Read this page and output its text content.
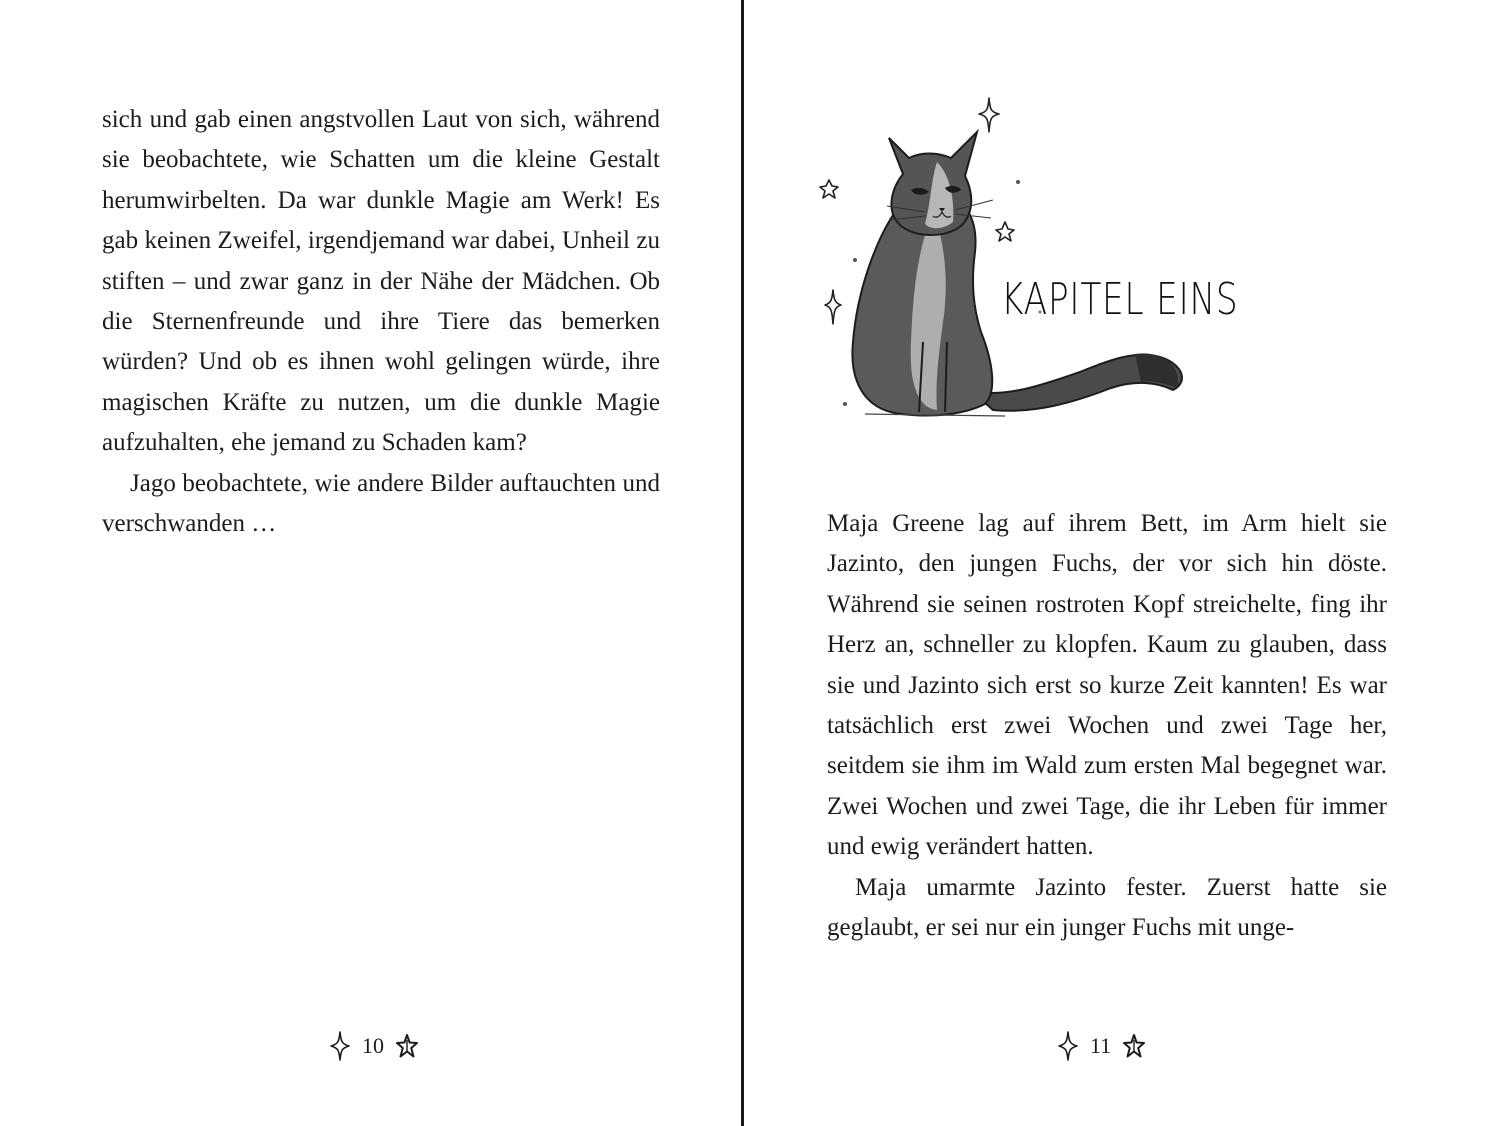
sich und gab einen angstvollen Laut von sich, während sie beobachtete, wie Schatten um die kleine Gestalt herumwirbelten. Da war dunkle Magie am Werk! Es gab keinen Zweifel, irgendjemand war dabei, Unheil zu stiften – und zwar ganz in der Nähe der Mädchen. Ob die Sternenfreunde und ihre Tiere das bemerken würden? Und ob es ihnen wohl gelingen würde, ihre magischen Kräfte zu nutzen, um die dunkle Magie aufzuhalten, ehe jemand zu Schaden kam?

Jago beobachtete, wie andere Bilder auftauchten und verschwanden …

10
KAPITEL EINS

Maja Greene lag auf ihrem Bett, im Arm hielt sie Jazinto, den jungen Fuchs, der vor sich hin döste. Während sie seinen rostroten Kopf streichelte, fing ihr Herz an, schneller zu klopfen. Kaum zu glauben, dass sie und Jazinto sich erst so kurze Zeit kannten! Es war tatsächlich erst zwei Wochen und zwei Tage her, seitdem sie ihm im Wald zum ersten Mal begegnet war. Zwei Wochen und zwei Tage, die ihr Leben für immer und ewig verändert hatten.

Maja umarmte Jazinto fester. Zuerst hatte sie geglaubt, er sei nur ein junger Fuchs mit unge-

11
